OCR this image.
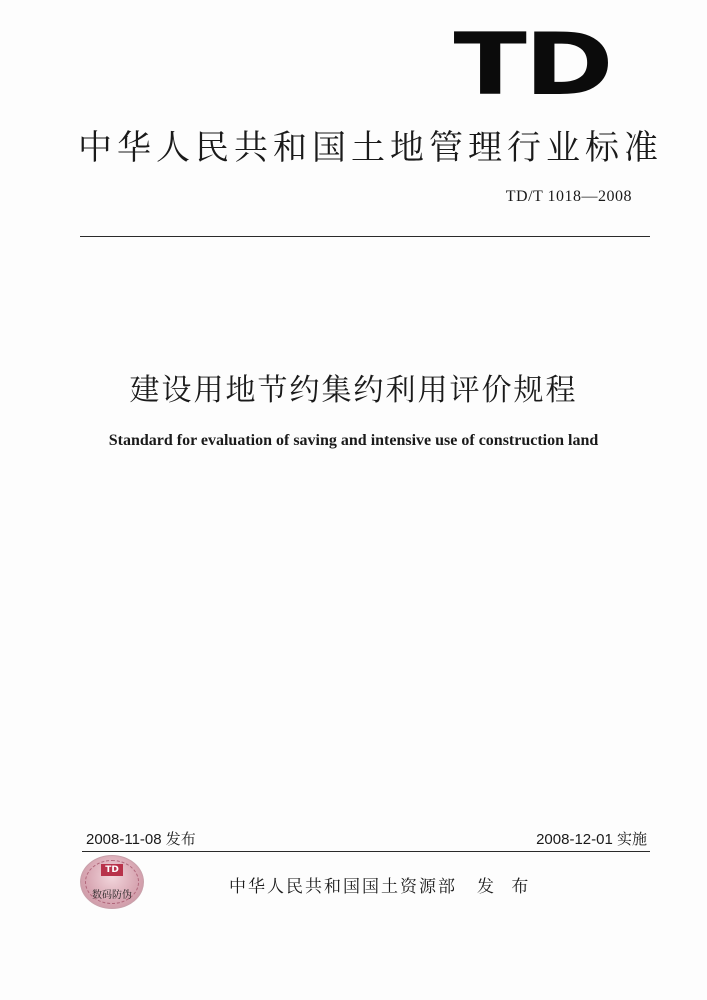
TD
中华人民共和国土地管理行业标准
TD/T 1018—2008
建设用地节约集约利用评价规程
Standard for evaluation of saving and intensive use of construction land
2008-11-08 发布	2008-12-01 实施
TD
数码防伪	中华人民共和国国土资源部 发 布
